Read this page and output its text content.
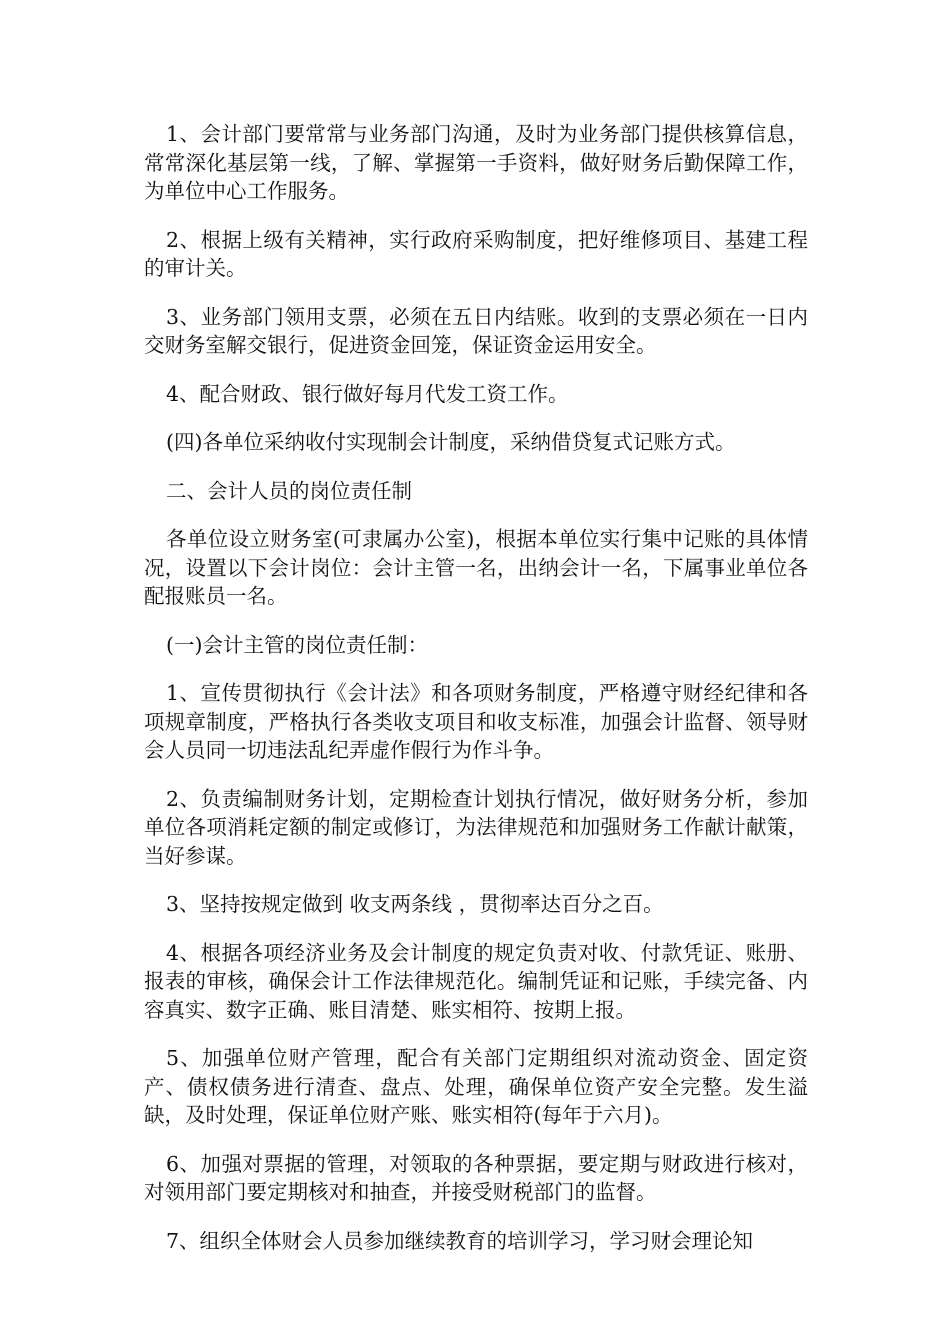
1、会计部门要常常与业务部门沟通，及时为业务部门提供核算信息，常常深化基层第一线，了解、掌握第一手资料，做好财务后勤保障工作，为单位中心工作服务。

2、根据上级有关精神，实行政府采购制度，把好维修项目、基建工程的审计关。

3、业务部门领用支票，必须在五日内结账。收到的支票必须在一日内交财务室解交银行，促进资金回笼，保证资金运用安全。

4、配合财政、银行做好每月代发工资工作。

(四)各单位采纳收付实现制会计制度，采纳借贷复式记账方式。

二、会计人员的岗位责任制

各单位设立财务室(可隶属办公室)，根据本单位实行集中记账的具体情况，设置以下会计岗位：会计主管一名，出纳会计一名，下属事业单位各配报账员一名。

(一)会计主管的岗位责任制：

1、宣传贯彻执行《会计法》和各项财务制度，严格遵守财经纪律和各项规章制度，严格执行各类收支项目和收支标准，加强会计监督、领导财会人员同一切违法乱纪弄虚作假行为作斗争。

2、负责编制财务计划，定期检查计划执行情况，做好财务分析，参加单位各项消耗定额的制定或修订，为法律规范和加强财务工作献计献策，当好参谋。

3、坚持按规定做到 收支两条线 ，贯彻率达百分之百。

4、根据各项经济业务及会计制度的规定负责对收、付款凭证、账册、报表的审核，确保会计工作法律规范化。编制凭证和记账，手续完备、内容真实、数字正确、账目清楚、账实相符、按期上报。

5、加强单位财产管理，配合有关部门定期组织对流动资金、固定资产、债权债务进行清查、盘点、处理，确保单位资产安全完整。发生溢缺，及时处理，保证单位财产账、账实相符(每年于六月)。

6、加强对票据的管理，对领取的各种票据，要定期与财政进行核对，对领用部门要定期核对和抽查，并接受财税部门的监督。

7、组织全体财会人员参加继续教育的培训学习，学习财会理论知
